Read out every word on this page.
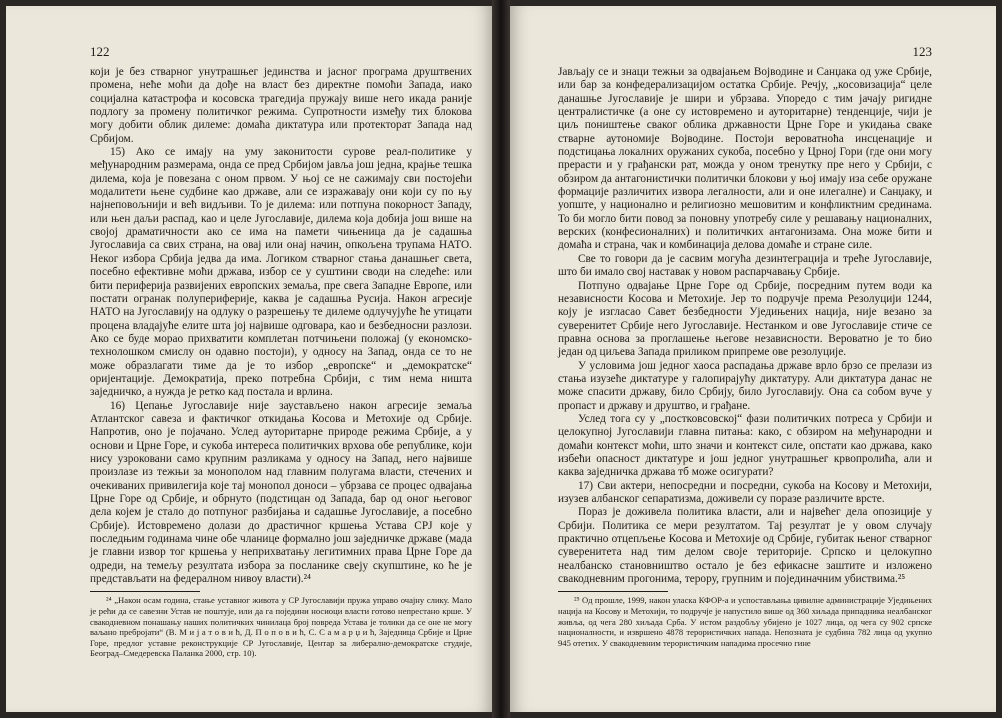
122

који је без стварног унутрашњег јединства и јасног програма друштвених промена, неће моћи да дође на власт без директне помоћи Запада, иако социјална катастрофа и косовска трагедија пружају више него икада раније подлогу за промену политичког режима. Супротности између тих блокова могу добити облик дилеме: домаћа диктатура или протекторат Запада над Србијом.

15) Ако се имају на уму законитости сурове реал-политике у међународним размерама, онда се пред Србијом јавља још једна, крајње тешка дилема, која је повезана с оном првом. У њој се не сажимају сви постојећи модалитети њене судбине као државе, али се изражавају они који су по њу најнеповољнији и већ видљиви. То је дилема: или потпуна покорност Западу, или њен даљи распад, као и целе Југославије, дилема која добија још више на својој драматичности ако се има на памети чињеница да је садашња Југославија са свих страна, на овај или онај начин, опкољена трупама НАТО. Неког избора Србија једва да има. Логиком стварног стања данашњег света, посебно ефективне моћи држава, избор се у суштини своди на следеће: или бити периферија развијених европских земаља, пре свега Западне Европе, или постати огранак полупериферије, каква је садашња Русија. Након агресије НАТО на Југославију на одлуку о разрешењу те дилеме одлучујуће ће утицати процена владајуће елите шта јој највише одговара, као и безбедносни разлози. Ако се буде морао прихватити комплетан потчињени положај (у економско-технолошком смислу он одавно постоји), у односу на Запад, онда се то не може образлагати тиме да је то избор „европске“ и „демократске“ оријентације. Демократија, преко потребна Србији, с тим нема ништа заједничко, а нужда је ретко кад постала и врлина.

16) Цепање Југославије није заустављено након агресије земаља Атлантског савеза и фактичког откидања Косова и Метохије од Србије. Напротив, оно је појачано. Услед ауторитарне природе режима Србије, а у основи и Црне Горе, и сукоба интереса политичких врхова обе републике, који нису узроковани само крупним разликама у односу на Запад, него највише произлазе из тежњи за монополом над главним полугама власти, стечених и очекиваних привилегија које тај монопол доноси – убрзава се процес одвајања Црне Горе од Србије, и обрнуто (подстицан од Запада, бар од оног његовог дела којем је стало до потпуног разбијања и садашње Југославије, а посебно Србије). Истовремено долази до драстичног кршења Устава СРЈ које у последњим годинама чине обе чланице формално још заједничке државе (мада је главни извор тог кршења у неприхватању легитимних права Црне Горе да одреди, на темељу резултата избора за посланике свеју скупштине, ко ће је представљати на федералном нивоу власти).²⁴

²⁴ „Након осам година, стање уставног живота у СР Југославији пружа управо очајну слику. Мало је рећи да се савезни Устав не поштује, или да га поједини носиоци власти готово непрестано крше. У свакодневном понашању наших политичких чинилаца број повреда Устава је толики да се оне не могу ваљано пребројати“ (В. М и ј а т о в и ћ, Д. П о п о в и ћ, С. С а м а р џ и ћ, Заједница Србије и Црне Горе, предлог уставне реконструкције СР Југославије, Центар за либерално-демократске студије, Београд–Смедеревска Паланка 2000, стр. 10).

123

Јављају се и знаци тежњи за одвајањем Војводине и Санџака од уже Србије, или бар за конфедерализацијом остатка Србије. Речју, „косовизација“ целе данашње Југославије је шири и убрзава. Упоредо с тим јачају ригидне централистичке (а оне су истовремено и ауторитарне) тенденције, чији је циљ поништење сваког облика државности Црне Горе и укидања сваке стварне аутономије Војводине. Постоји вероватноћа инсценације и подстицања локалних оружаних сукоба, посебно у Црној Гори (где они могу прерасти и у грађански рат, можда у оном тренутку пре него у Србији, с обзиром да антагонистички политички блокови у њој имају иза себе оружане формације различитих извора легалности, али и оне илегалне) и Санџаку, и уопште, у национално и религиозно мешовитим и конфликтним срединама. То би могло бити повод за поновну употребу силе у решавању националних, верских (конфесионалних) и политичких антагонизама. Она може бити и домаћа и страна, чак и комбинација делова домаће и стране силе.

Све то говори да је сасвим могућа дезинтеграција и треће Југославије, што би имало свој наставак у новом распарчавању Србије.

Потпуно одвајање Црне Горе од Србије, посредним путем води ка независности Косова и Метохије. Јер то подручје према Резолуцији 1244, коју је изгласао Савет безбедности Уједињених нација, није везано за суверенитет Србије него Југославије. Нестанком и ове Југославије стиче се правна основа за проглашење његове независности. Вероватно је то био један од циљева Запада приликом припреме ове резолуције.

У условима још једног хаоса распадања државе врло брзо се прелази из стања изузеће диктатуре у галопирајућу диктатуру. Али диктатура данас не може спасити државу, било Србију, било Југославију. Она са собом вуче у пропаст и државу и друштво, и грађане.

Услед тога су у „постковсовској“ фази политичких потреса у Србији и целокупној Југославији главна питања: како, с обзиром на међународни и домаћи контекст моћи, што значи и контекст силе, опстати као држава, како избећи опасност диктатуре и још једног унутрашњег крвопролића, али и каква заједничка држава тб може осигурати?

17) Сви актери, непосредни и посредни, сукоба на Косову и Метохији, изузев албанског сепаратизма, доживели су поразе различите врсте.

Пораз је доживела политика власти, али и највећег дела опозиције у Србији. Политика се мери резултатом. Тај резултат је у овом случају практично отцепљење Косова и Метохије од Србије, губитак њеног стварног суверенитета над тим делом своје територије. Српско и целокупно неалбанско становништво остало је без ефикасне заштите и изложено свакодневним прогонима, терору, групним и појединачним убиствима.²⁵

²⁵ Од прошле, 1999, након уласка КФОР-а и успостављања цивилне администрације Уједињених нација на Косову и Метохији, то подручје је напустило више од 360 хиљада припадника неалбанског живља, од чега 280 хиљада Срба. У истом раздобљу убијено је 1027 лица, од чега су 902 српске националности, и извршено 4878 терористичких напада. Непозната је судбина 782 лица од укупно 945 отетих. У свакодневним терористичким нападима просечно гине
